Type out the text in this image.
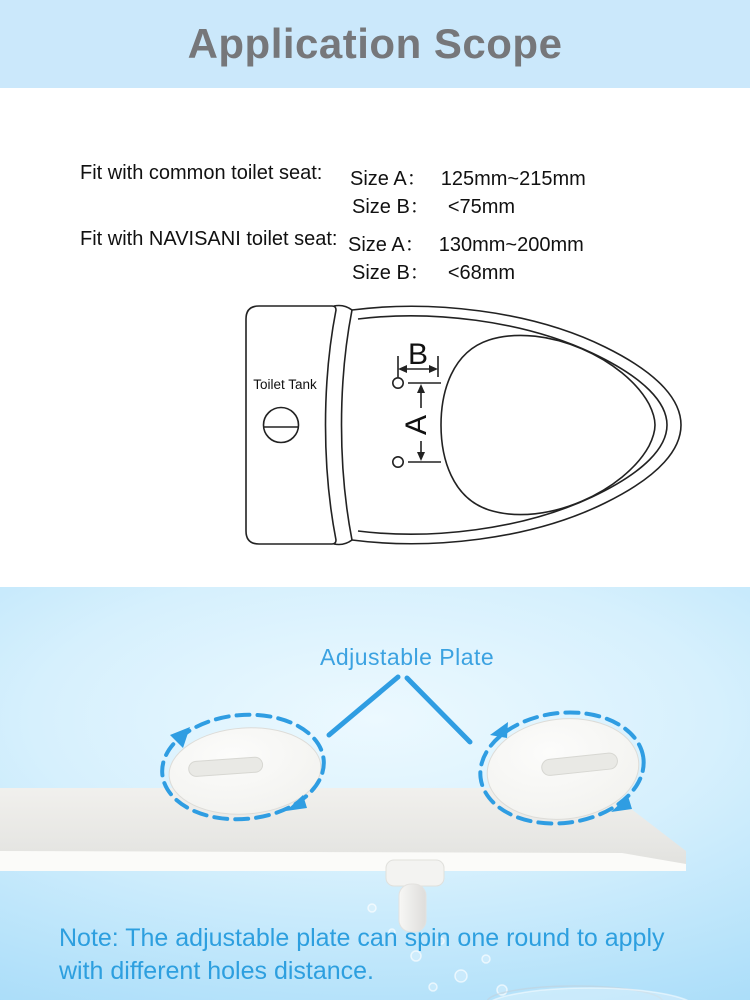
Application Scope
Fit with common toilet seat: Size A： 125mm~215mm
Size B： <75mm
Fit with NAVISANI toilet seat: Size A： 130mm~200mm
Size B： <68mm
Toilet Tank
B
A
Adjustable Plate
Note: The adjustable plate can spin one round to apply
with different holes distance.
